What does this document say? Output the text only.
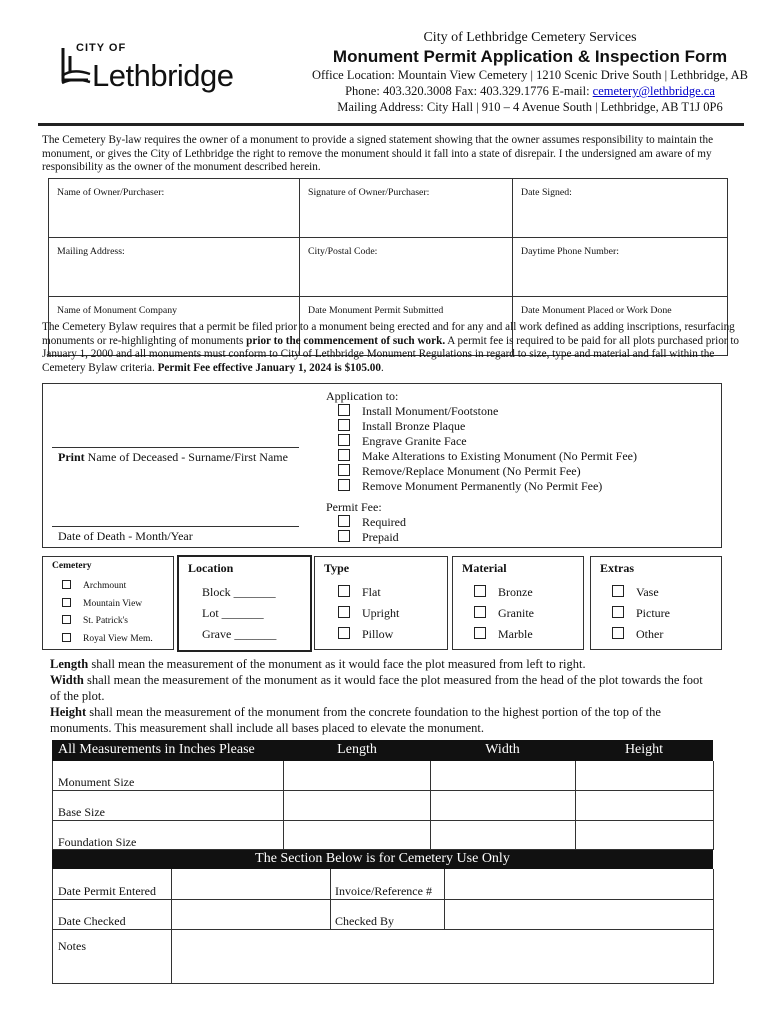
CITY OF
Lethbridge
City of Lethbridge Cemetery Services
Monument Permit Application & Inspection Form
Office Location: Mountain View Cemetery | 1210 Scenic Drive South | Lethbridge, AB
Phone: 403.320.3008 Fax: 403.329.1776 E-mail: cemetery@lethbridge.ca
Mailing Address: City Hall | 910 – 4 Avenue South | Lethbridge, AB T1J 0P6
The Cemetery By-law requires the owner of a monument to provide a signed statement showing that the owner assumes responsibility to maintain the monument, or gives the City of Lethbridge the right to remove the monument should it fall into a state of disrepair. I the undersigned am aware of my responsibility as the owner of the monument described herein.
Name of Owner/Purchaser:	Signature of Owner/Purchaser:	Date Signed:
Mailing Address:	City/Postal Code:	Daytime Phone Number:
Name of Monument Company	Date Monument Permit Submitted	Date Monument Placed or Work Done
The Cemetery Bylaw requires that a permit be filed prior to a monument being erected and for any and all work defined as adding inscriptions, resurfacing monuments or re-highlighting of monuments prior to the commencement of such work. A permit fee is required to be paid for all plots purchased prior to January 1, 2000 and all monuments must conform to City of Lethbridge Monument Regulations in regard to size, type and material and fall within the Cemetery Bylaw criteria. Permit Fee effective January 1, 2024 is $105.00.
Print Name of Deceased - Surname/First Name
Date of Death - Month/Year
Application to:
Install Monument/Footstone
Install Bronze Plaque
Engrave Granite Face
Make Alterations to Existing Monument (No Permit Fee)
Remove/Replace Monument (No Permit Fee)
Remove Monument Permanently (No Permit Fee)
Permit Fee:
Required
Prepaid
Cemetery
Archmount
Mountain View
St. Patrick's
Royal View Mem.
Location
Block _______
Lot _______
Grave _______
Type
Flat
Upright
Pillow
Material
Bronze
Granite
Marble
Extras
Vase
Picture
Other
Length shall mean the measurement of the monument as it would face the plot measured from left to right.
Width shall mean the measurement of the monument as it would face the plot measured from the head of the plot towards the foot of the plot.
Height shall mean the measurement of the monument from the concrete foundation to the highest portion of the top of the monuments. This measurement shall include all bases placed to elevate the monument.
All Measurements in Inches Please	Length	Width	Height
Monument Size
Base Size
Foundation Size
The Section Below is for Cemetery Use Only
Date Permit Entered	Invoice/Reference #
Date Checked	Checked By
Notes
